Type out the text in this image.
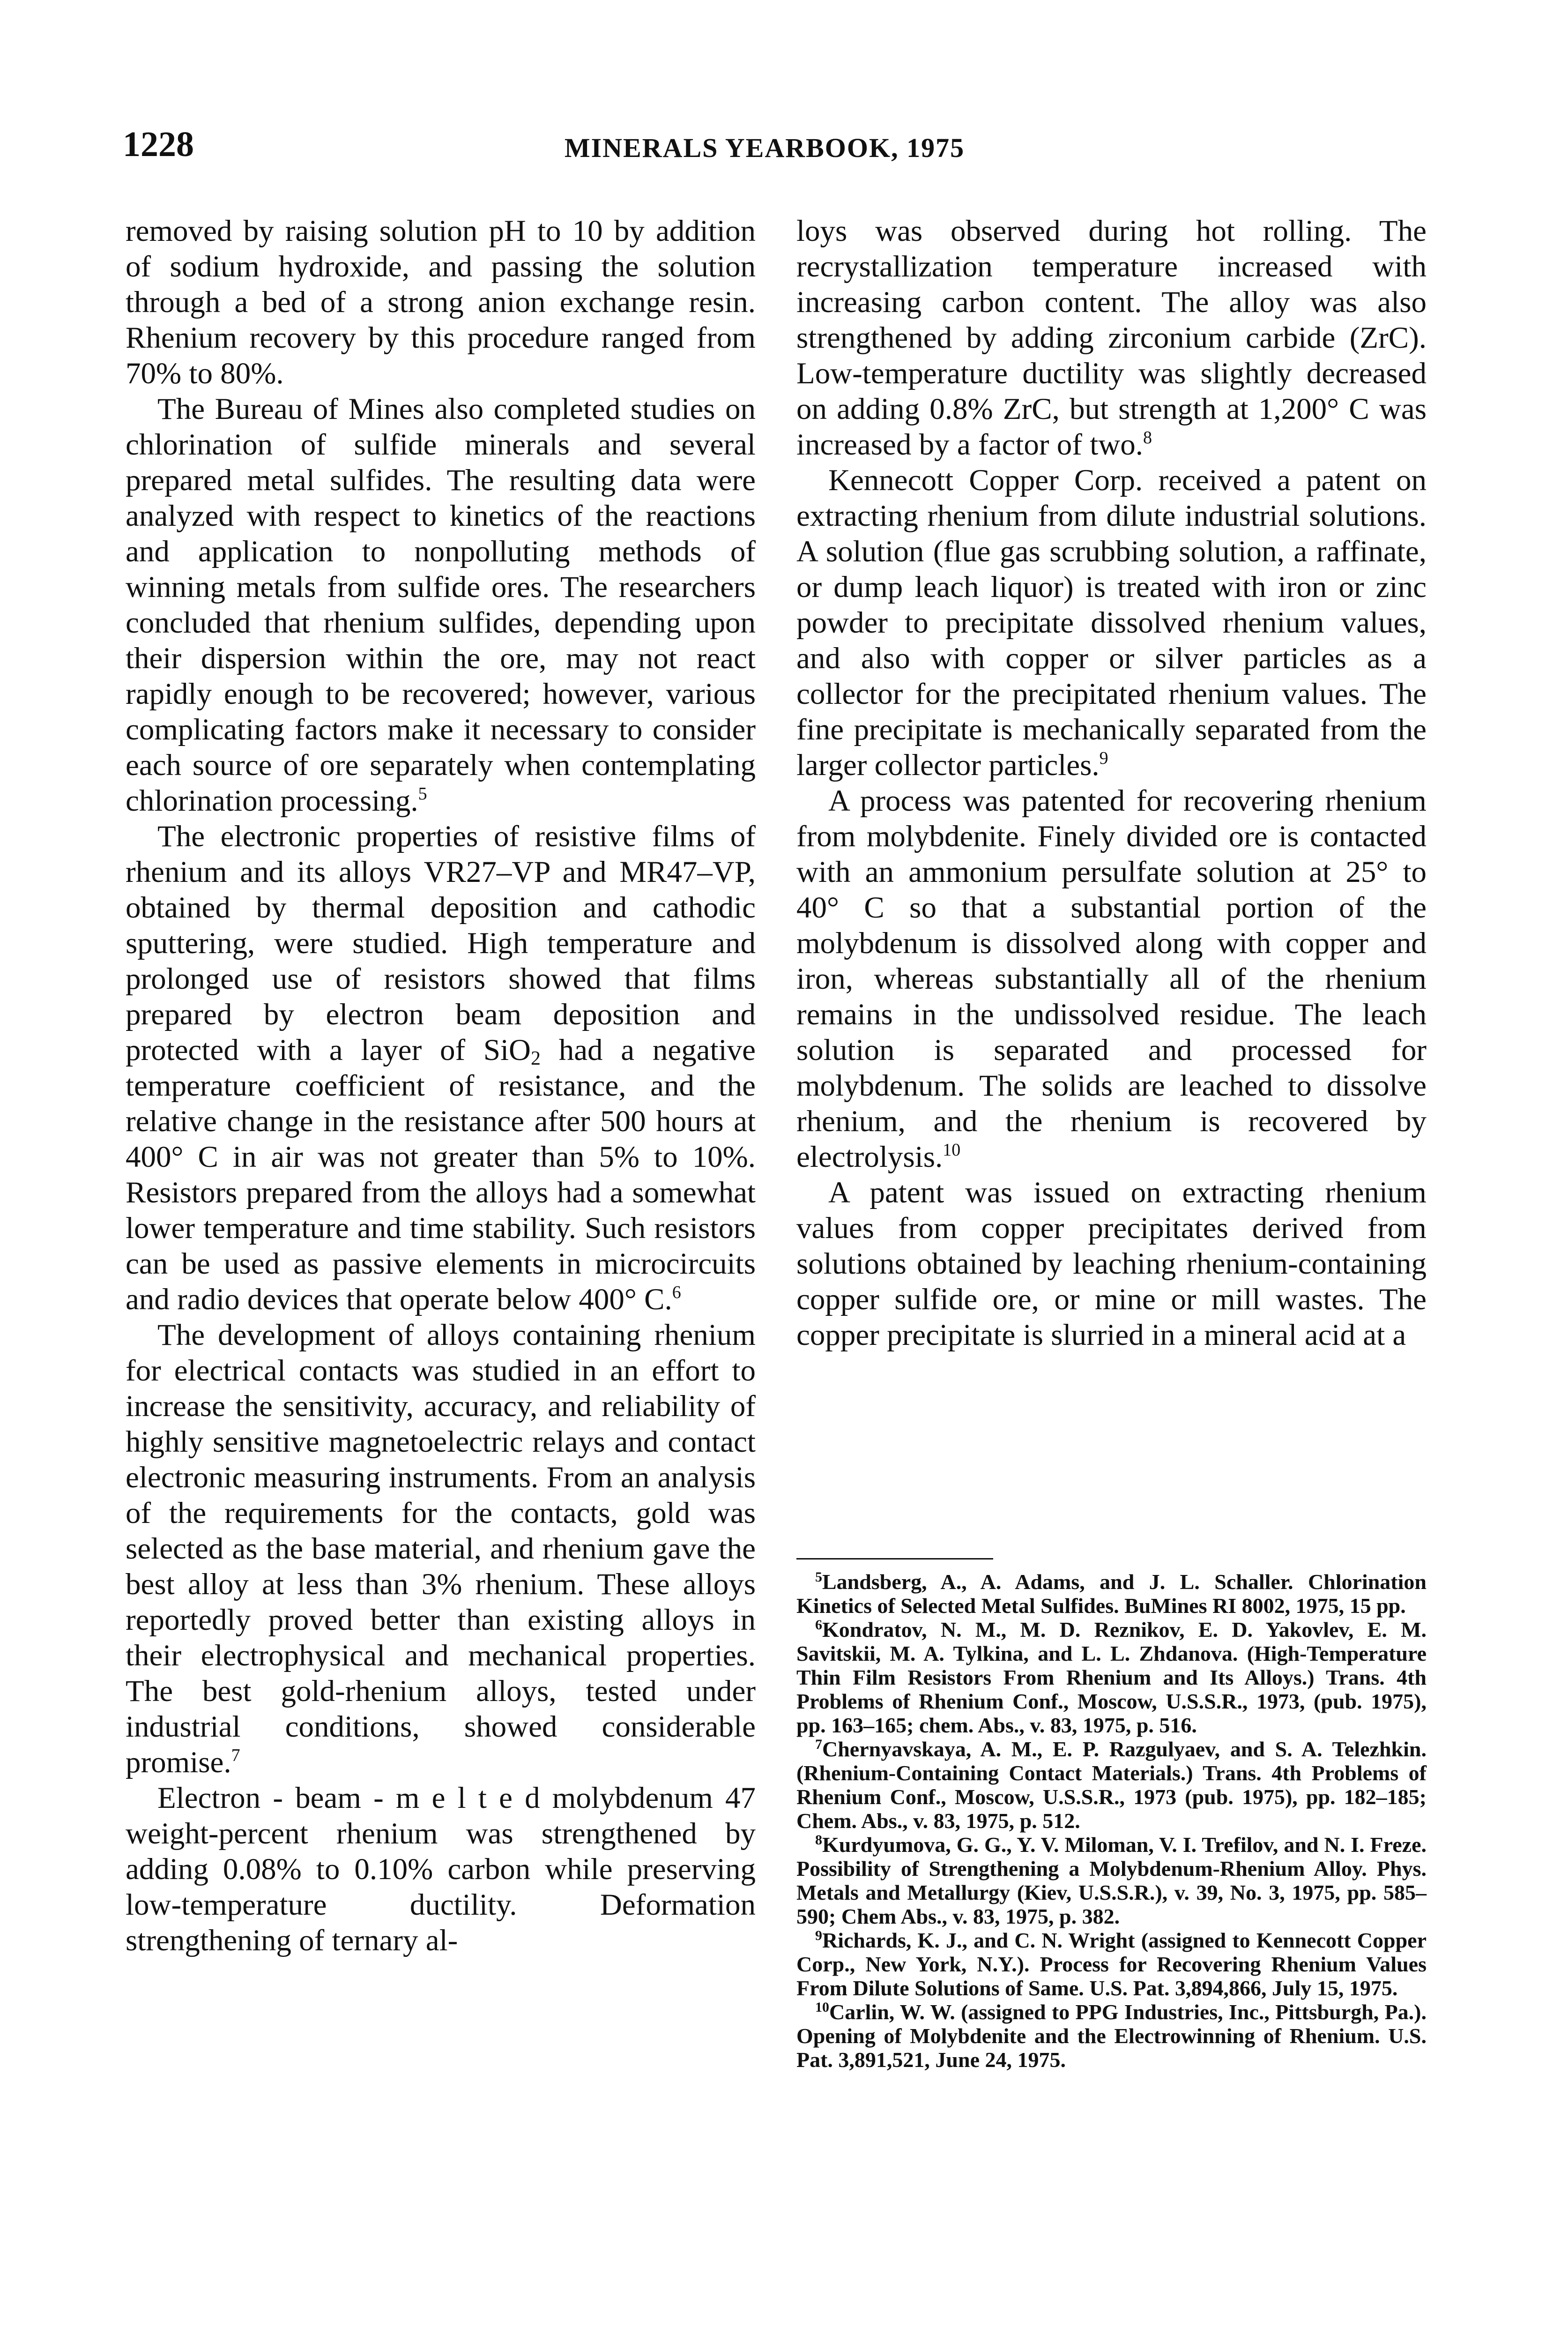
1228	MINERALS YEARBOOK, 1975

removed by raising solution pH to 10 by addition of sodium hydroxide, and passing the solution through a bed of a strong anion exchange resin. Rhenium recovery by this procedure ranged from 70% to 80%.

The Bureau of Mines also completed studies on chlorination of sulfide minerals and several prepared metal sulfides. The resulting data were analyzed with respect to kinetics of the reactions and application to nonpolluting methods of winning metals from sulfide ores. The researchers concluded that rhenium sulfides, depending upon their dispersion within the ore, may not react rapidly enough to be recovered; however, various complicating factors make it necessary to consider each source of ore separately when contemplating chlorination processing.$^5$

The electronic properties of resistive films of rhenium and its alloys VR27–VP and MR47–VP, obtained by thermal deposition and cathodic sputtering, were studied. High temperature and prolonged use of resistors showed that films prepared by electron beam deposition and protected with a layer of SiO$_2$ had a negative temperature coefficient of resistance, and the relative change in the resistance after 500 hours at 400° C in air was not greater than 5% to 10%. Resistors prepared from the alloys had a somewhat lower temperature and time stability. Such resistors can be used as passive elements in microcircuits and radio devices that operate below 400° C.$^6$

The development of alloys containing rhenium for electrical contacts was studied in an effort to increase the sensitivity, accuracy, and reliability of highly sensitive magnetoelectric relays and contact electronic measuring instruments. From an analysis of the requirements for the contacts, gold was selected as the base material, and rhenium gave the best alloy at less than 3% rhenium. These alloys reportedly proved better than existing alloys in their electrophysical and mechanical properties. The best gold-rhenium alloys, tested under industrial conditions, showed considerable promise.$^7$

Electron - beam - m e l t e d molybdenum 47 weight-percent rhenium was strengthened by adding 0.08% to 0.10% carbon while preserving low-temperature ductility. Deformation strengthening of ternary al-

loys was observed during hot rolling. The recrystallization temperature increased with increasing carbon content. The alloy was also strengthened by adding zirconium carbide (ZrC). Low-temperature ductility was slightly decreased on adding 0.8% ZrC, but strength at 1,200° C was increased by a factor of two.$^8$

Kennecott Copper Corp. received a patent on extracting rhenium from dilute industrial solutions. A solution (flue gas scrubbing solution, a raffinate, or dump leach liquor) is treated with iron or zinc powder to precipitate dissolved rhenium values, and also with copper or silver particles as a collector for the precipitated rhenium values. The fine precipitate is mechanically separated from the larger collector particles.$^9$

A process was patented for recovering rhenium from molybdenite. Finely divided ore is contacted with an ammonium persulfate solution at 25° to 40° C so that a substantial portion of the molybdenum is dissolved along with copper and iron, whereas substantially all of the rhenium remains in the undissolved residue. The leach solution is separated and processed for molybdenum. The solids are leached to dissolve rhenium, and the rhenium is recovered by electrolysis.$^{10}$

A patent was issued on extracting rhenium values from copper precipitates derived from solutions obtained by leaching rhenium-containing copper sulfide ore, or mine or mill wastes. The copper precipitate is slurried in a mineral acid at a

$^5$Landsberg, A., A. Adams, and J. L. Schaller. Chlorination Kinetics of Selected Metal Sulfides. BuMines RI 8002, 1975, 15 pp.

$^6$Kondratov, N. M., M. D. Reznikov, E. D. Yakovlev, E. M. Savitskii, M. A. Tylkina, and L. L. Zhdanova. (High-Temperature Thin Film Resistors From Rhenium and Its Alloys.) Trans. 4th Problems of Rhenium Conf., Moscow, U.S.S.R., 1973, (pub. 1975), pp. 163–165; chem. Abs., v. 83, 1975, p. 516.

$^7$Chernyavskaya, A. M., E. P. Razgulyaev, and S. A. Telezhkin. (Rhenium-Containing Contact Materials.) Trans. 4th Problems of Rhenium Conf., Moscow, U.S.S.R., 1973 (pub. 1975), pp. 182–185; Chem. Abs., v. 83, 1975, p. 512.

$^8$Kurdyumova, G. G., Y. V. Miloman, V. I. Trefilov, and N. I. Freze. Possibility of Strengthening a Molybdenum-Rhenium Alloy. Phys. Metals and Metallurgy (Kiev, U.S.S.R.), v. 39, No. 3, 1975, pp. 585–590; Chem Abs., v. 83, 1975, p. 382.

$^9$Richards, K. J., and C. N. Wright (assigned to Kennecott Copper Corp., New York, N.Y.). Process for Recovering Rhenium Values From Dilute Solutions of Same. U.S. Pat. 3,894,866, July 15, 1975.

$^{10}$Carlin, W. W. (assigned to PPG Industries, Inc., Pittsburgh, Pa.). Opening of Molybdenite and the Electrowinning of Rhenium. U.S. Pat. 3,891,521, June 24, 1975.
